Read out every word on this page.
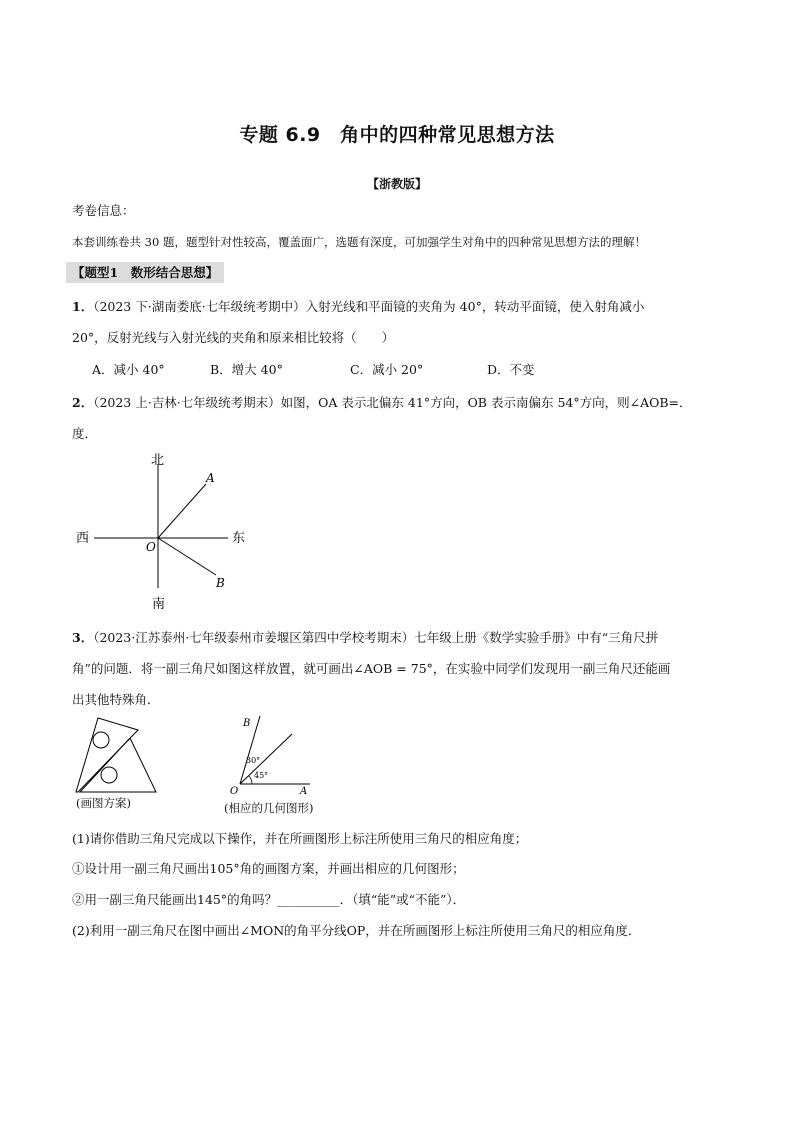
专题 6.9　角中的四种常见思想方法
【浙教版】
考卷信息：
本套训练卷共 30 题，题型针对性较高，覆盖面广，选题有深度，可加强学生对角中的四种常见思想方法的理解！
【题型1　数形结合思想】
1．（2023 下·湖南娄底·七年级统考期中）入射光线和平面镜的夹角为 40°，转动平面镜，使入射角减小
20°，反射光线与入射光线的夹角和原来相比较将（　　）
A．减小 40°	B．增大 40°	C．减小 20°	D．不变
2．（2023 上·吉林·七年级统考期末）如图，OA 表示北偏东 41°方向，OB 表示南偏东 54°方向，则∠AOB=．
度．
北
南
西	东
O
A
B
3．（2023·江苏泰州·七年级泰州市姜堰区第四中学校考期末）七年级上册《数学实验手册》中有“三角尺拼
角”的问题．将一副三角尺如图这样放置，就可画出∠AOB = 75°，在实验中同学们发现用一副三角尺还能画
出其他特殊角．
(画图方案)
B
O	A
30°
45°
(相应的几何图形)
(1)请你借助三角尺完成以下操作，并在所画图形上标注所使用三角尺的相应角度；
①设计用一副三角尺画出105°角的画图方案，并画出相应的几何图形；
②用一副三角尺能画出145°的角吗？__________．（填“能”或“不能”）．
(2)利用一副三角尺在图中画出∠MON的角平分线OP，并在所画图形上标注所使用三角尺的相应角度．
